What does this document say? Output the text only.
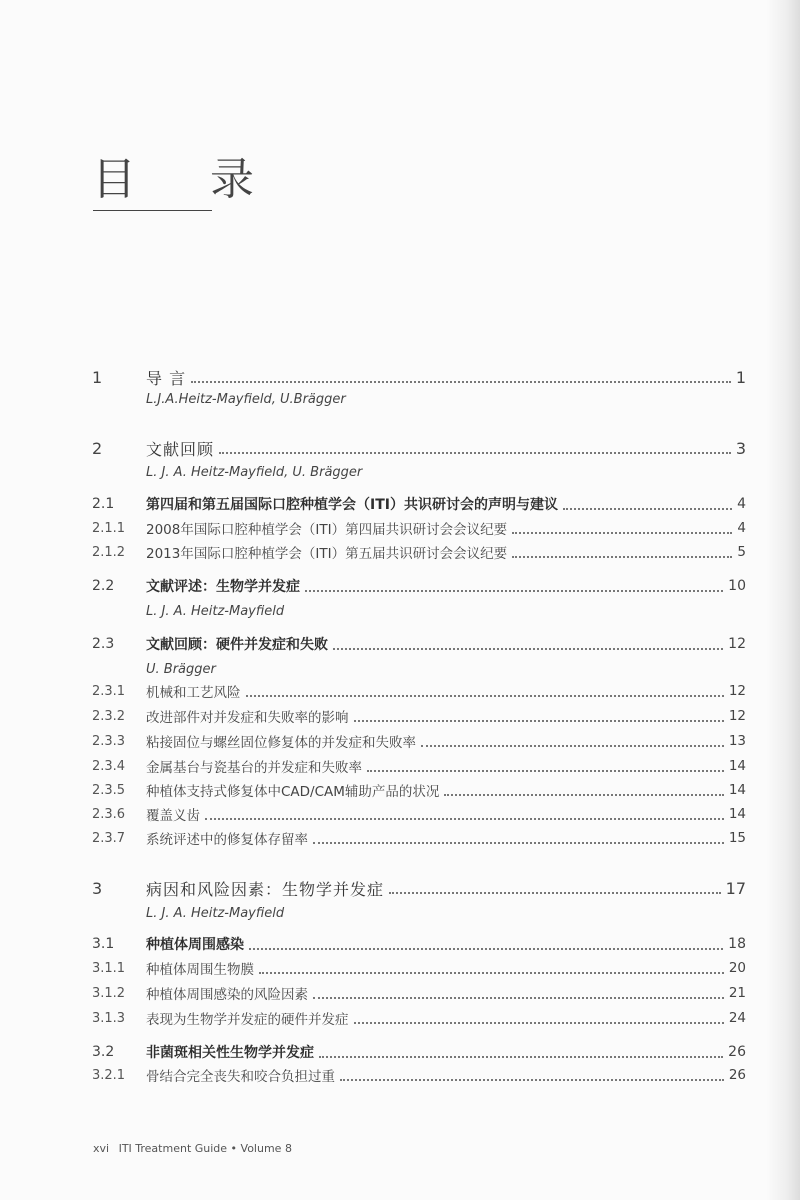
目 录
1	导 言	1
L.J.A.Heitz-Mayfield, U.Brägger
2	文献回顾	3
L. J. A. Heitz-Mayfield, U. Brägger
2.1	第四届和第五届国际口腔种植学会（ITI）共识研讨会的声明与建议	4
2.1.1	2008年国际口腔种植学会（ITI）第四届共识研讨会会议纪要	4
2.1.2	2013年国际口腔种植学会（ITI）第五届共识研讨会会议纪要	5
2.2	文献评述：生物学并发症	10
L. J. A. Heitz-Mayfield
2.3	文献回顾：硬件并发症和失败	12
U. Brägger
2.3.1	机械和工艺风险	12
2.3.2	改进部件对并发症和失败率的影响	12
2.3.3	粘接固位与螺丝固位修复体的并发症和失败率	13
2.3.4	金属基台与瓷基台的并发症和失败率	14
2.3.5	种植体支持式修复体中CAD/CAM辅助产品的状况	14
2.3.6	覆盖义齿	14
2.3.7	系统评述中的修复体存留率	15
3	病因和风险因素：生物学并发症	17
L. J. A. Heitz-Mayfield
3.1	种植体周围感染	18
3.1.1	种植体周围生物膜	20
3.1.2	种植体周围感染的风险因素	21
3.1.3	表现为生物学并发症的硬件并发症	24
3.2	非菌斑相关性生物学并发症	26
3.2.1	骨结合完全丧失和咬合负担过重	26
xvi ITI Treatment Guide • Volume 8
